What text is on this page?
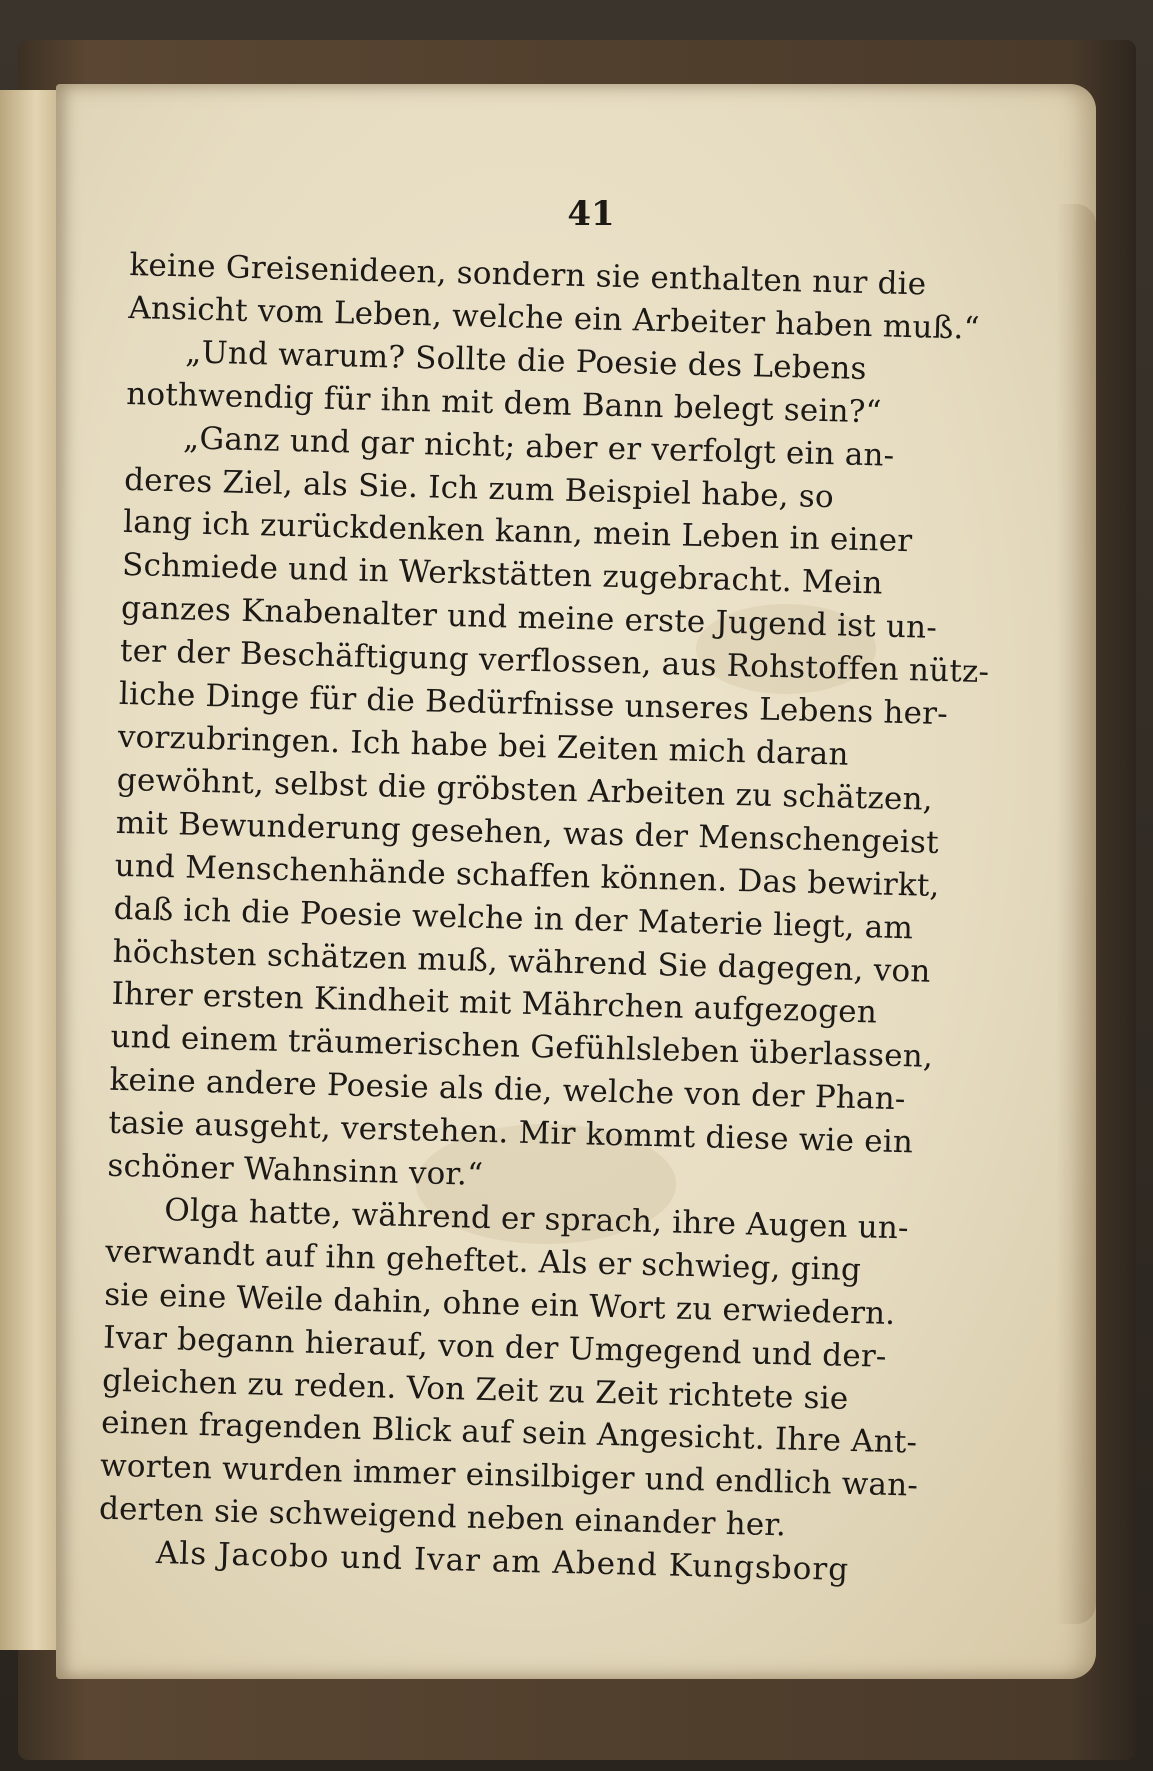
41
keine Greisenideen, sondern sie enthalten nur die
Ansicht vom Leben, welche ein Arbeiter haben muß.“
„Und warum? Sollte die Poesie des Lebens
nothwendig für ihn mit dem Bann belegt sein?“
„Ganz und gar nicht; aber er verfolgt ein an-
deres Ziel, als Sie. Ich zum Beispiel habe, so
lang ich zurückdenken kann, mein Leben in einer
Schmiede und in Werkstätten zugebracht. Mein
ganzes Knabenalter und meine erste Jugend ist un-
ter der Beschäftigung verflossen, aus Rohstoffen nütz-
liche Dinge für die Bedürfnisse unseres Lebens her-
vorzubringen. Ich habe bei Zeiten mich daran
gewöhnt, selbst die gröbsten Arbeiten zu schätzen,
mit Bewunderung gesehen, was der Menschengeist
und Menschenhände schaffen können. Das bewirkt,
daß ich die Poesie welche in der Materie liegt, am
höchsten schätzen muß, während Sie dagegen, von
Ihrer ersten Kindheit mit Mährchen aufgezogen
und einem träumerischen Gefühlsleben überlassen,
keine andere Poesie als die, welche von der Phan-
tasie ausgeht, verstehen. Mir kommt diese wie ein
schöner Wahnsinn vor.“
Olga hatte, während er sprach, ihre Augen un-
verwandt auf ihn geheftet. Als er schwieg, ging
sie eine Weile dahin, ohne ein Wort zu erwiedern.
Ivar begann hierauf, von der Umgegend und der-
gleichen zu reden. Von Zeit zu Zeit richtete sie
einen fragenden Blick auf sein Angesicht. Ihre Ant-
worten wurden immer einsilbiger und endlich wan-
derten sie schweigend neben einander her.
Als Jacobo und Ivar am Abend Kungsborg
